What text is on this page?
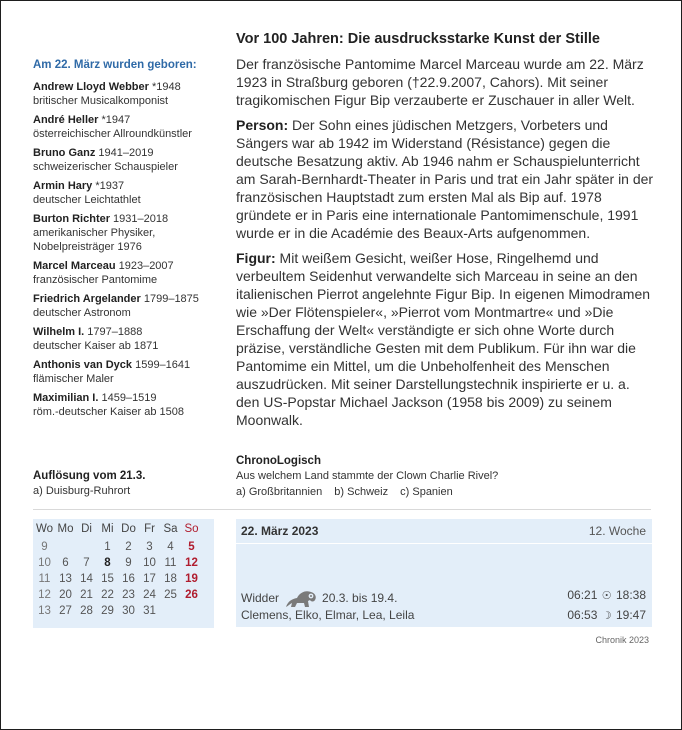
Am 22. März wurden geboren:
Andrew Lloyd Webber *1948
britischer Musicalkomponist
André Heller *1947
österreichischer Allroundkünstler
Bruno Ganz 1941–2019
schweizerischer Schauspieler
Armin Hary *1937
deutscher Leichtathlet
Burton Richter 1931–2018
amerikanischer Physiker,
Nobelpreisträger 1976
Marcel Marceau 1923–2007
französischer Pantomime
Friedrich Argelander 1799–1875
deutscher Astronom
Wilhelm I. 1797–1888
deutscher Kaiser ab 1871
Anthonis van Dyck 1599–1641
flämischer Maler
Maximilian I. 1459–1519
röm.-deutscher Kaiser ab 1508
Vor 100 Jahren: Die ausdrucksstarke Kunst der Stille

Der französische Pantomime Marcel Marceau wurde am 22. März 1923 in Straßburg geboren (†22.9.2007, Cahors). Mit seiner tragikomischen Figur Bip verzauberte er Zuschauer in aller Welt.

Person: Der Sohn eines jüdischen Metzgers, Vorbeters und Sängers war ab 1942 im Widerstand (Résistance) gegen die deutsche Besatzung aktiv. Ab 1946 nahm er Schauspielunterricht am Sarah-Bernhardt-Theater in Paris und trat ein Jahr später in der französischen Hauptstadt zum ersten Mal als Bip auf. 1978 gründete er in Paris eine internationale Pantomimenschule, 1991 wurde er in die Académie des Beaux-Arts aufgenommen.

Figur: Mit weißem Gesicht, weißer Hose, Ringelhemd und verbeultem Seidenhut verwandelte sich Marceau in seine an den italienischen Pierrot angelehnte Figur Bip. In eigenen Mimodramen wie »Der Flötenspieler«, »Pierrot vom Montmartre« und »Die Erschaffung der Welt« verständigte er sich ohne Worte durch präzise, verständliche Gesten mit dem Publikum. Für ihn war die Pantomime ein Mittel, um die Unbeholfenheit des Menschen auszudrücken. Mit seiner Darstellungstechnik inspirierte er u. a. den US-Popstar Michael Jackson (1958 bis 2009) zu seinem Moonwalk.

Auflösung vom 21.3.
a) Duisburg-Ruhrort
ChronoLogisch
Aus welchem Land stammte der Clown Charlie Rivel?
a) Großbritannien b) Schweiz c) Spanien
Wo	Mo	Di	Mi	Do	Fr	Sa	So
9			1	2	3	4	5
10	6	7	8	9	10	11	12
11	13	14	15	16	17	18	19
12	20	21	22	23	24	25	26
13	27	28	29	30	31		
22. März 2023	12. Woche
Widder	20.3. bis 19.4.
Clemens, Elko, Elmar, Lea, Leila
06:21 ☉ 18:38
06:53 ☽ 19:47
Chronik 2023
